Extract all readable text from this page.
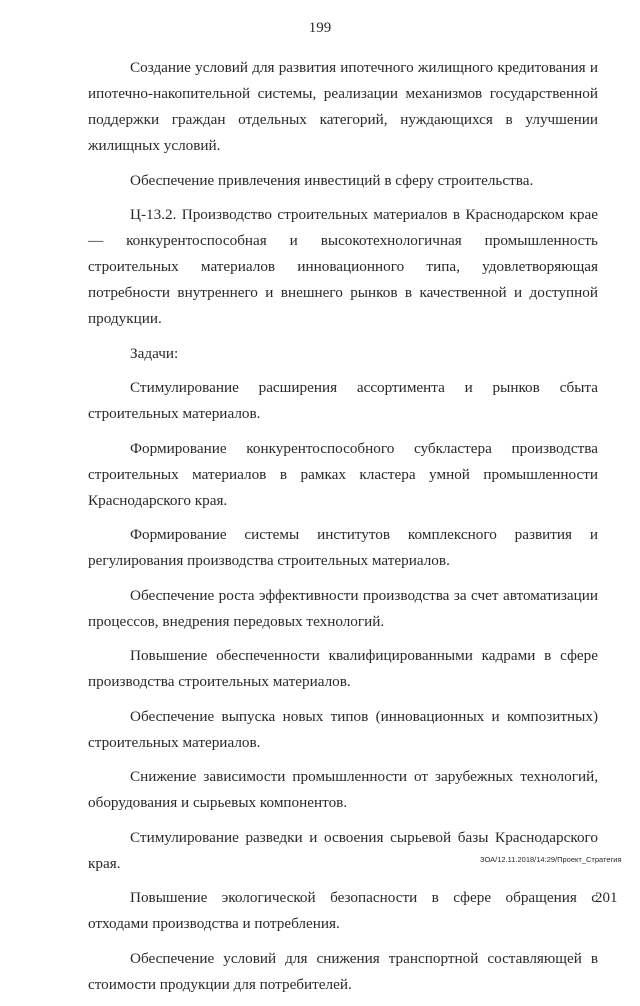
199

Создание условий для развития ипотечного жилищного кредитования и ипотечно-накопительной системы, реализации механизмов государственной поддержки граждан отдельных категорий, нуждающихся в улучшении жилищных условий.

Обеспечение привлечения инвестиций в сферу строительства.

Ц-13.2. Производство строительных материалов в Краснодарском крае –– конкурентоспособная и высокотехнологичная промышленность строительных материалов инновационного типа, удовлетворяющая потребности внутреннего и внешнего рынков в качественной и доступной продукции.

Задачи:

Стимулирование расширения ассортимента и рынков сбыта строительных материалов.

Формирование конкурентоспособного субкластера производства строительных материалов в рамках кластера умной промышленности Краснодарского края.

Формирование системы институтов комплексного развития и регулирования производства строительных материалов.

Обеспечение роста эффективности производства за счет автоматизации процессов, внедрения передовых технологий.

Повышение обеспеченности квалифицированными кадрами в сфере производства строительных материалов.

Обеспечение выпуска новых типов (инновационных и композитных) строительных материалов.

Снижение зависимости промышленности от зарубежных технологий, оборудования и сырьевых компонентов.

Стимулирование разведки и освоения сырьевой базы Краснодарского края.

Повышение экологической безопасности в сфере обращения с отходами производства и потребления.

Обеспечение условий для снижения транспортной составляющей в стоимости продукции для потребителей.

ЗОА/12.11.2018/14:29/Проект_Стратегия
201
